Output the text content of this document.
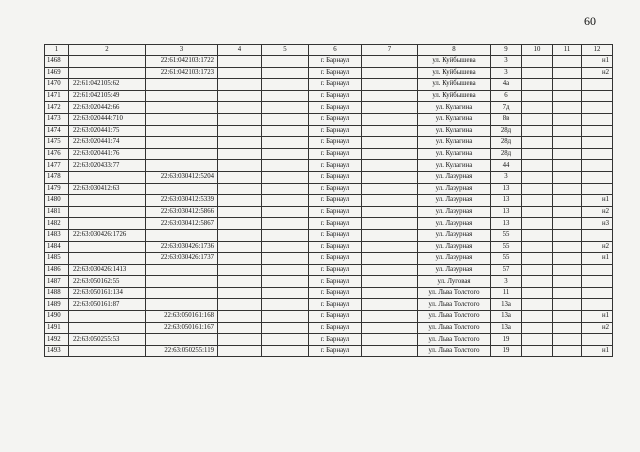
60
1	2	3	4	5	6	7	8	9	10	11	12
1468		22:61:042103:1722			г. Барнаул		ул. Куйбышева	3			н1
1469		22:61:042103:1723			г. Барнаул		ул. Куйбышева	3			н2
1470	22:61:042105:62				г. Барнаул		ул. Куйбышева	4а			
1471	22:61:042105:49				г. Барнаул		ул. Куйбышева	6			
1472	22:63:020442:66				г. Барнаул		ул. Кулагина	7д			
1473	22:63:020444:710				г. Барнаул		ул. Кулагина	8в			
1474	22:63:020441:75				г. Барнаул		ул. Кулагина	28д			
1475	22:63:020441:74				г. Барнаул		ул. Кулагина	28д			
1476	22:63:020441:76				г. Барнаул		ул. Кулагина	28д			
1477	22:63:020433:77				г. Барнаул		ул. Кулагина	44			
1478		22:63:030412:5204			г. Барнаул		ул. Лазурная	3			
1479	22:63:030412:63				г. Барнаул		ул. Лазурная	13			
1480		22:63:030412:5339			г. Барнаул		ул. Лазурная	13			н1
1481		22:63:030412:5866			г. Барнаул		ул. Лазурная	13			н2
1482		22:63:030412:5867			г. Барнаул		ул. Лазурная	13			н3
1483	22:63:030426:1726				г. Барнаул		ул. Лазурная	55			
1484		22:63:030426:1736			г. Барнаул		ул. Лазурная	55			н2
1485		22:63:030426:1737			г. Барнаул		ул. Лазурная	55			н1
1486	22:63:030426:1413				г. Барнаул		ул. Лазурная	57			
1487	22:63:050162:55				г. Барнаул		ул. Луговая	3			
1488	22:63:050161:134				г. Барнаул		ул. Льва Толстого	11			
1489	22:63:050161:87				г. Барнаул		ул. Льва Толстого	13а			
1490		22:63:050161:168			г. Барнаул		ул. Льва Толстого	13а			н1
1491		22:63:050161:167			г. Барнаул		ул. Льва Толстого	13а			н2
1492	22:63:050255:53				г. Барнаул		ул. Льва Толстого	19			
1493		22:63:050255:119			г. Барнаул		ул. Льва Толстого	19			н1
